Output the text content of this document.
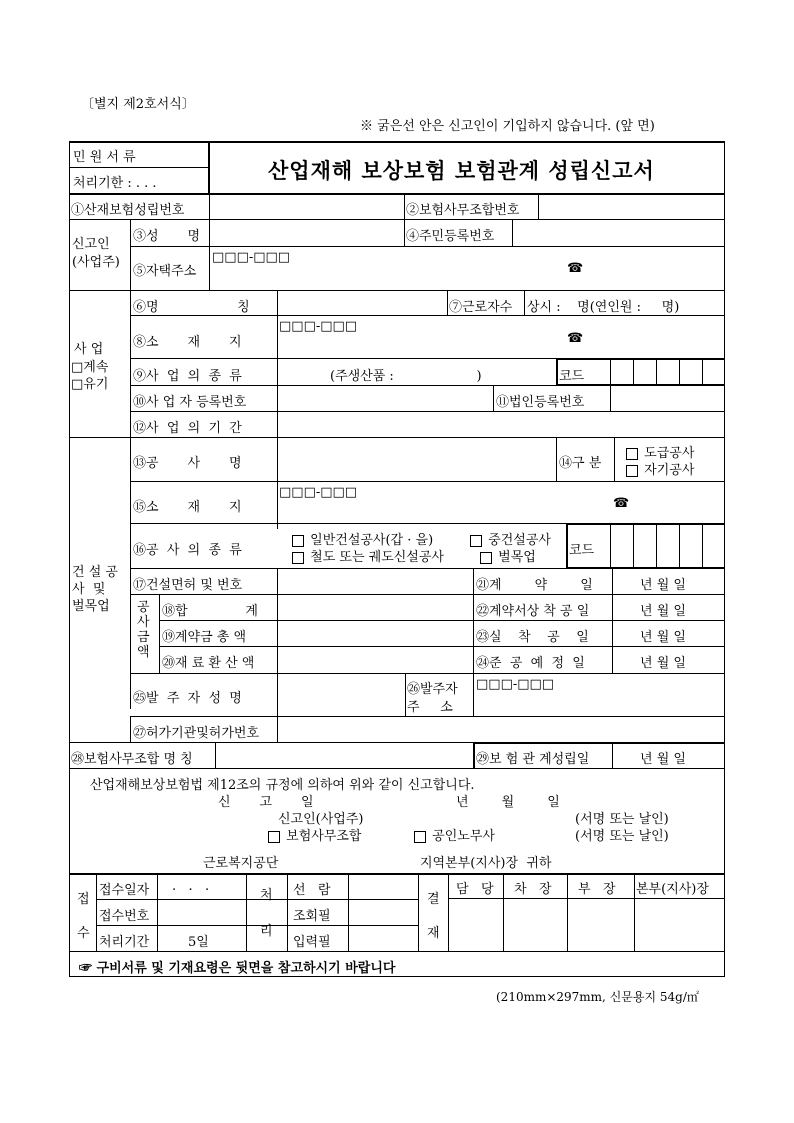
〔별지 제2호서식〕
※ 굵은선 안은 신고인이 기입하지 않습니다. (앞 면)
민 원 서 류
처리기한 : . . .
산업재해 보상보험 보험관계 성립신고서
①산재보험성립번호	②보험사무조합번호
신고인
(사업주)
③성       명	④주민등록번호
⑤자택주소
□□□-□□□
☎
사 업
□계속
□유기
⑥명                   칭	⑦근로자수 상시 :    명(연인원 :     명)
⑧소       재       지
□□□-□□□
☎
⑨사  업  의  종  류	(주생산품 :                    )	코드
⑩사 업 자 등록번호	⑪법인등록번호
⑫사  업  의  기  간
건 설 공
사  및
벌목업
⑬공       사       명	⑭구 분
도급공사
자기공사
⑮소       재       지
□□□-□□□
☎
⑯공  사  의  종  류
일반건설공사(갑 · 을)	중건설공사
철도 또는 궤도신설공사	벌목업	코드
⑰건설면허 및 번호	㉑계        약        일	년 월 일
공
사
금
액
⑱합              계	㉒계약서상 착 공 일	년 월 일
⑲계약금 총 액	㉓실    착    공    일	년 월 일
⑳재 료 환 산 액	㉔준  공  예  정  일	년 월 일
㉕발  주  자  성  명
㉖발주자
주     소
□□□-□□□
㉗허가기관및허가번호
㉘보험사무조합 명 칭	㉙보 험 관 계성립일	년 월 일
산업재해보상보험법 제12조의 규정에 의하여 위와 같이 신고합니다.
신       고       일	년        월        일
신고인(사업주)	(서명 또는 날인)
보험사무조합	공인노무사	(서명 또는 날인)
근로복지공단	지역본부(지사)장  귀하
접
수
접수일자 .   .   .
접수번호
처리기간	5일
처
리
선   람
조회필
입력필
결
재
담   당 차   장 부   장 본부(지사)장
☞ 구비서류 및 기재요령은 뒷면을 참고하시기 바랍니다
(210mm×297mm, 신문용지 54g/㎡
